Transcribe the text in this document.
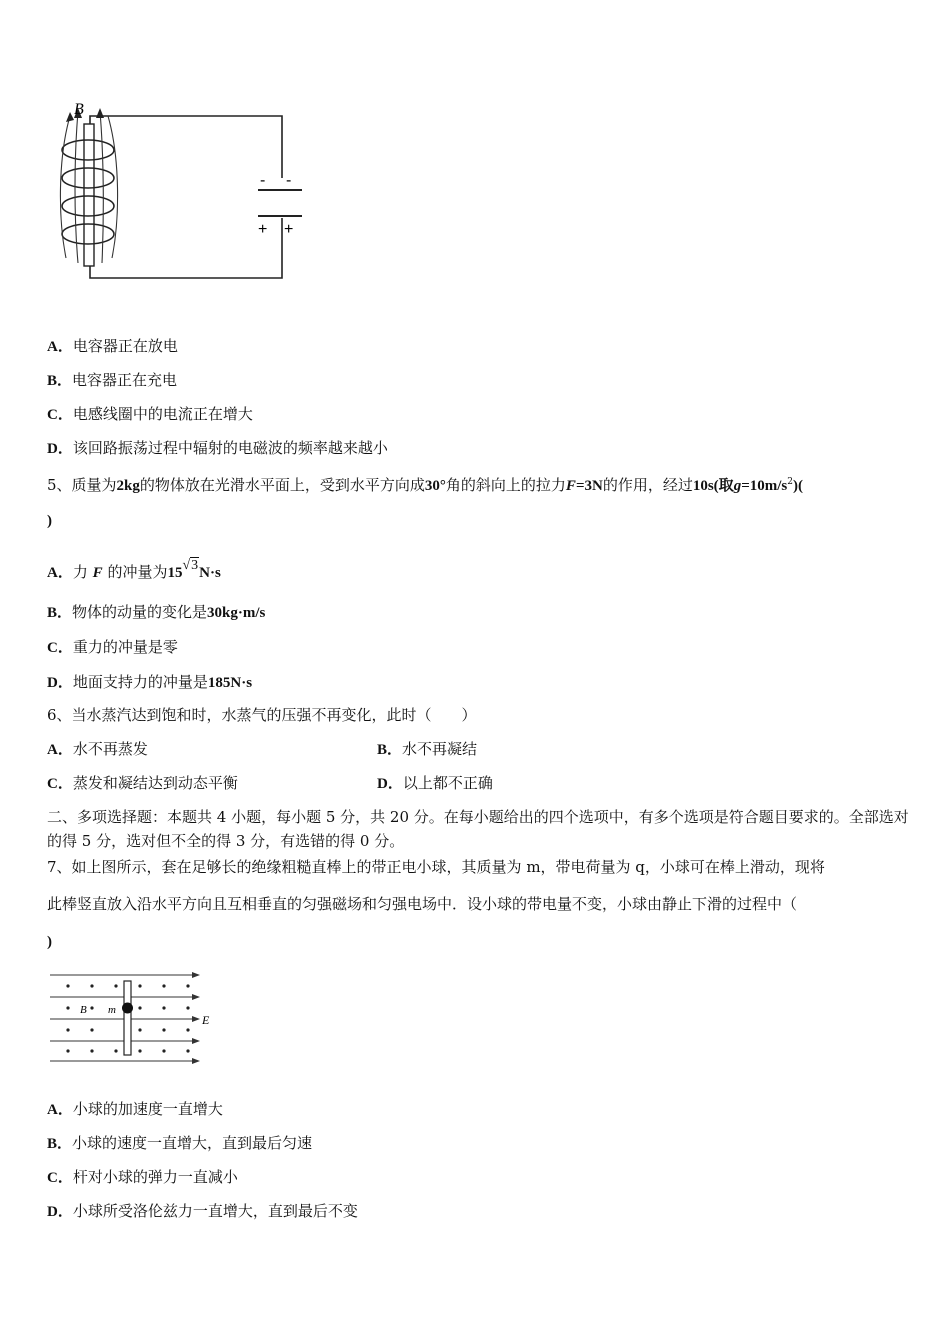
- -
+ +
B
A．电容器正在放电
B．电容器正在充电
C．电感线圈中的电流正在增大
D．该回路振荡过程中辐射的电磁波的频率越来越小
5、质量为2kg的物体放在光滑水平面上，受到水平方向成30°角的斜向上的拉力F=3N的作用，经过10s(取$g=10m/s^2$)(
)
A．力 F 的冲量为15√3N·s
B．物体的动量的变化是30kg·m/s
C．重力的冲量是零
D．地面支持力的冲量是185N·s
6、当水蒸汽达到饱和时，水蒸气的压强不再变化，此时（　　）
A．水不再蒸发	B．水不再凝结
C．蒸发和凝结达到动态平衡	D．以上都不正确
二、多项选择题：本题共 4 小题，每小题 5 分，共 20 分。在每小题给出的四个选项中，有多个选项是符合题目要求的。全部选对的得 5 分，选对但不全的得 3 分，有选错的得 0 分。
7、如上图所示，套在足够长的绝缘粗糙直棒上的带正电小球，其质量为 m，带电荷量为 q，小球可在棒上滑动，现将
此棒竖直放入沿水平方向且互相垂直的匀强磁场和匀强电场中．设小球的带电量不变，小球由静止下滑的过程中（
)
B m
E
A．小球的加速度一直增大
B．小球的速度一直增大，直到最后匀速
C．杆对小球的弹力一直减小
D．小球所受洛伦兹力一直增大，直到最后不变
